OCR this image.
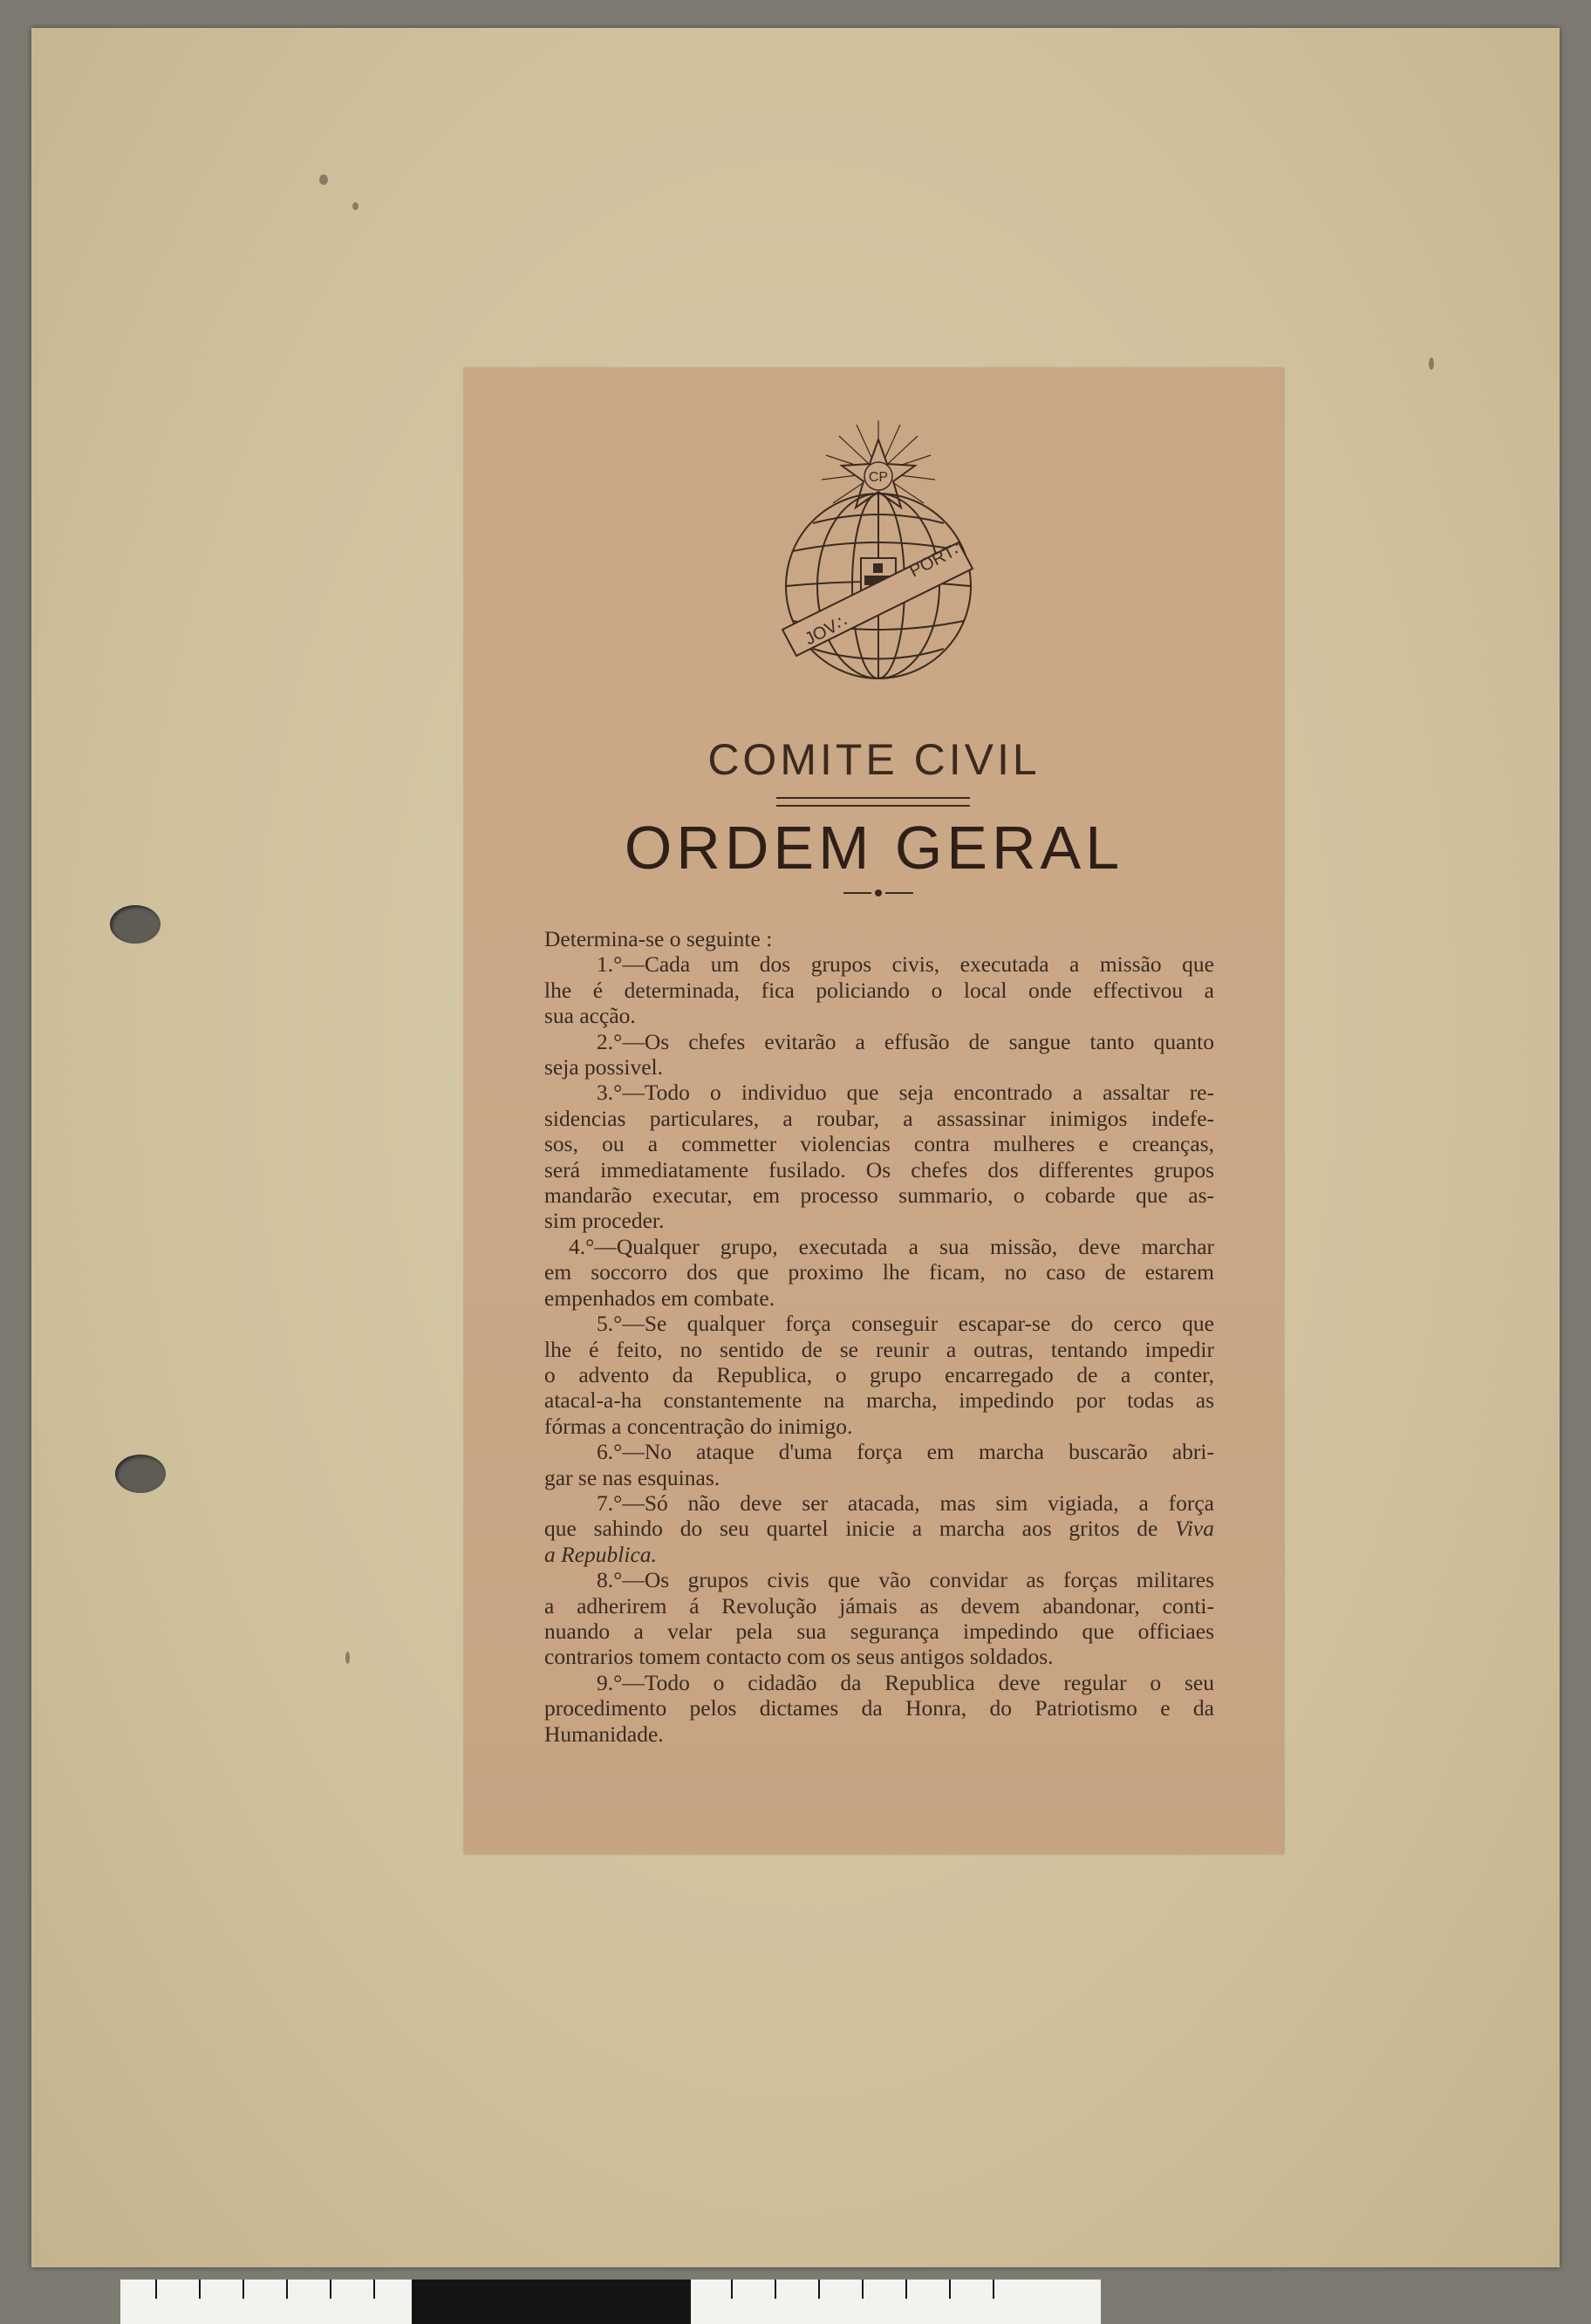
CP
JOV∴
PORT∴
COMITE CIVIL
ORDEM GERAL

Determina-se o seguinte :

1.°—Cada um dos grupos civis, executada a missão que
lhe é determinada, fica policiando o local onde effectivou a
sua acção.
2.°—Os chefes evitarão a effusão de sangue tanto quanto
seja possivel.
3.°—Todo o individuo que seja encontrado a assaltar re-
sidencias particulares, a roubar, a assassinar inimigos indefe-
sos, ou a commetter violencias contra mulheres e creanças,
será immediatamente fusilado. Os chefes dos differentes grupos
mandarão executar, em processo summario, o cobarde que as-
sim proceder.
4.°—Qualquer grupo, executada a sua missão, deve marchar
em soccorro dos que proximo lhe ficam, no caso de estarem
empenhados em combate.
5.°—Se qualquer força conseguir escapar-se do cerco que
lhe é feito, no sentido de se reunir a outras, tentando impedir
o advento da Republica, o grupo encarregado de a conter,
atacal-a-ha constantemente na marcha, impedindo por todas as
fórmas a concentração do inimigo.
6.°—No ataque d'uma força em marcha buscarão abri-
gar se nas esquinas.
7.°—Só não deve ser atacada, mas sim vigiada, a força
que sahindo do seu quartel inicie a marcha aos gritos de Viva
a Republica.
8.°—Os grupos civis que vão convidar as forças militares
a adherirem á Revolução jámais as devem abandonar, conti-
nuando a velar pela sua segurança impedindo que officiaes
contrarios tomem contacto com os seus antigos soldados.
9.°—Todo o cidadão da Republica deve regular o seu
procedimento pelos dictames da Honra, do Patriotismo e da
Humanidade.
